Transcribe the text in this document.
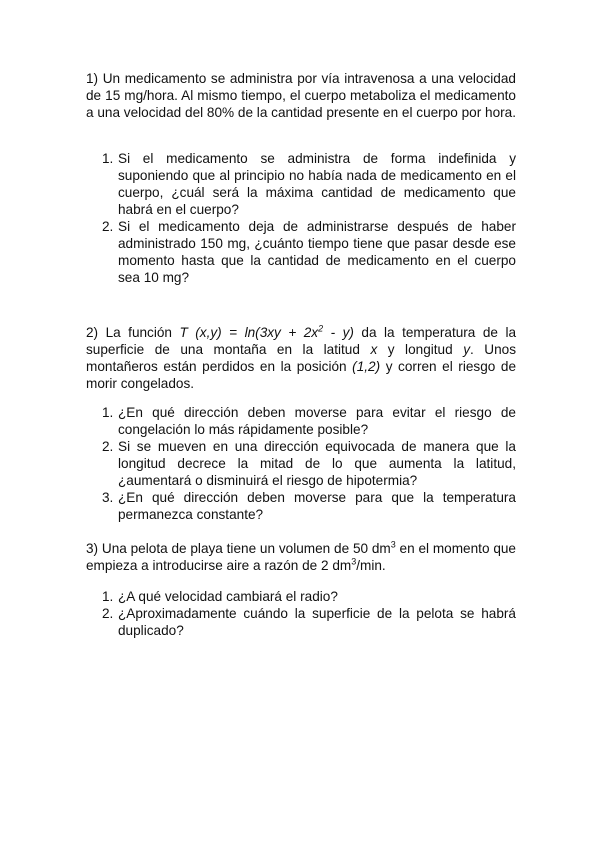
1) Un medicamento se administra por vía intravenosa a una velocidad de 15 mg/hora. Al mismo tiempo, el cuerpo metaboliza el medicamento a una velocidad del 80% de la cantidad presente en el cuerpo por hora.

1. Si el medicamento se administra de forma indefinida y suponiendo que al principio no había nada de medicamento en el cuerpo, ¿cuál será la máxima cantidad de medicamento que habrá en el cuerpo?
2. Si el medicamento deja de administrarse después de haber administrado 150 mg, ¿cuánto tiempo tiene que pasar desde ese momento hasta que la cantidad de medicamento en el cuerpo sea 10 mg?

2) La función T $(x,y) = \ln(3xy + 2x^2 - y)$ da la temperatura de la superficie de una montaña en la latitud x y longitud y. Unos montañeros están perdidos en la posición (1,2) y corren el riesgo de morir congelados.

1. ¿En qué dirección deben moverse para evitar el riesgo de congelación lo más rápidamente posible?
2. Si se mueven en una dirección equivocada de manera que la longitud decrece la mitad de lo que aumenta la latitud, ¿aumentará o disminuirá el riesgo de hipotermia?
3. ¿En qué dirección deben moverse para que la temperatura permanezca constante?

3) Una pelota de playa tiene un volumen de 50 $dm^3$ en el momento que empieza a introducirse aire a razón de 2 $dm^3/\min$.

1. ¿A qué velocidad cambiará el radio?
2. ¿Aproximadamente cuándo la superficie de la pelota se habrá duplicado?
